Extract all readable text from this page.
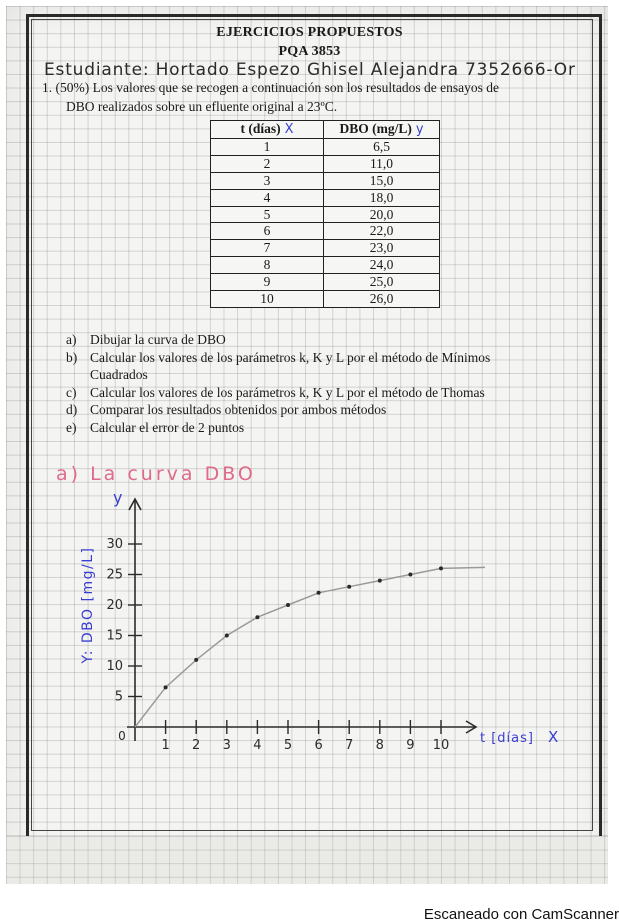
EJERCICIOS PROPUESTOS
PQA 3853
Estudiante: Hortado Espezo Ghisel Alejandra 7352666-Or
1. (50%) Los valores que se recogen a continuación son los resultados de ensayos de
DBO realizados sobre un efluente original a 23ºC.
t (días) X	DBO (mg/L) y
1	6,5
2	11,0
3	15,0
4	18,0
5	20,0
6	22,0
7	23,0
8	24,0
9	25,0
10	26,0
a) Dibujar la curva de DBO
b) Calcular los valores de los parámetros k, K y L por el método de Mínimos
Cuadrados
c) Calcular los valores de los parámetros k, K y L por el método de Thomas
d) Comparar los resultados obtenidos por ambos métodos
e) Calcular el error de 2 puntos
a) La curva DBO
1 2 3 4 5 6 7 8 9 10
5
10
15
20
25
30
0	t [días] X
y
Y: DBO [mg/L]
Escaneado con CamScanner
